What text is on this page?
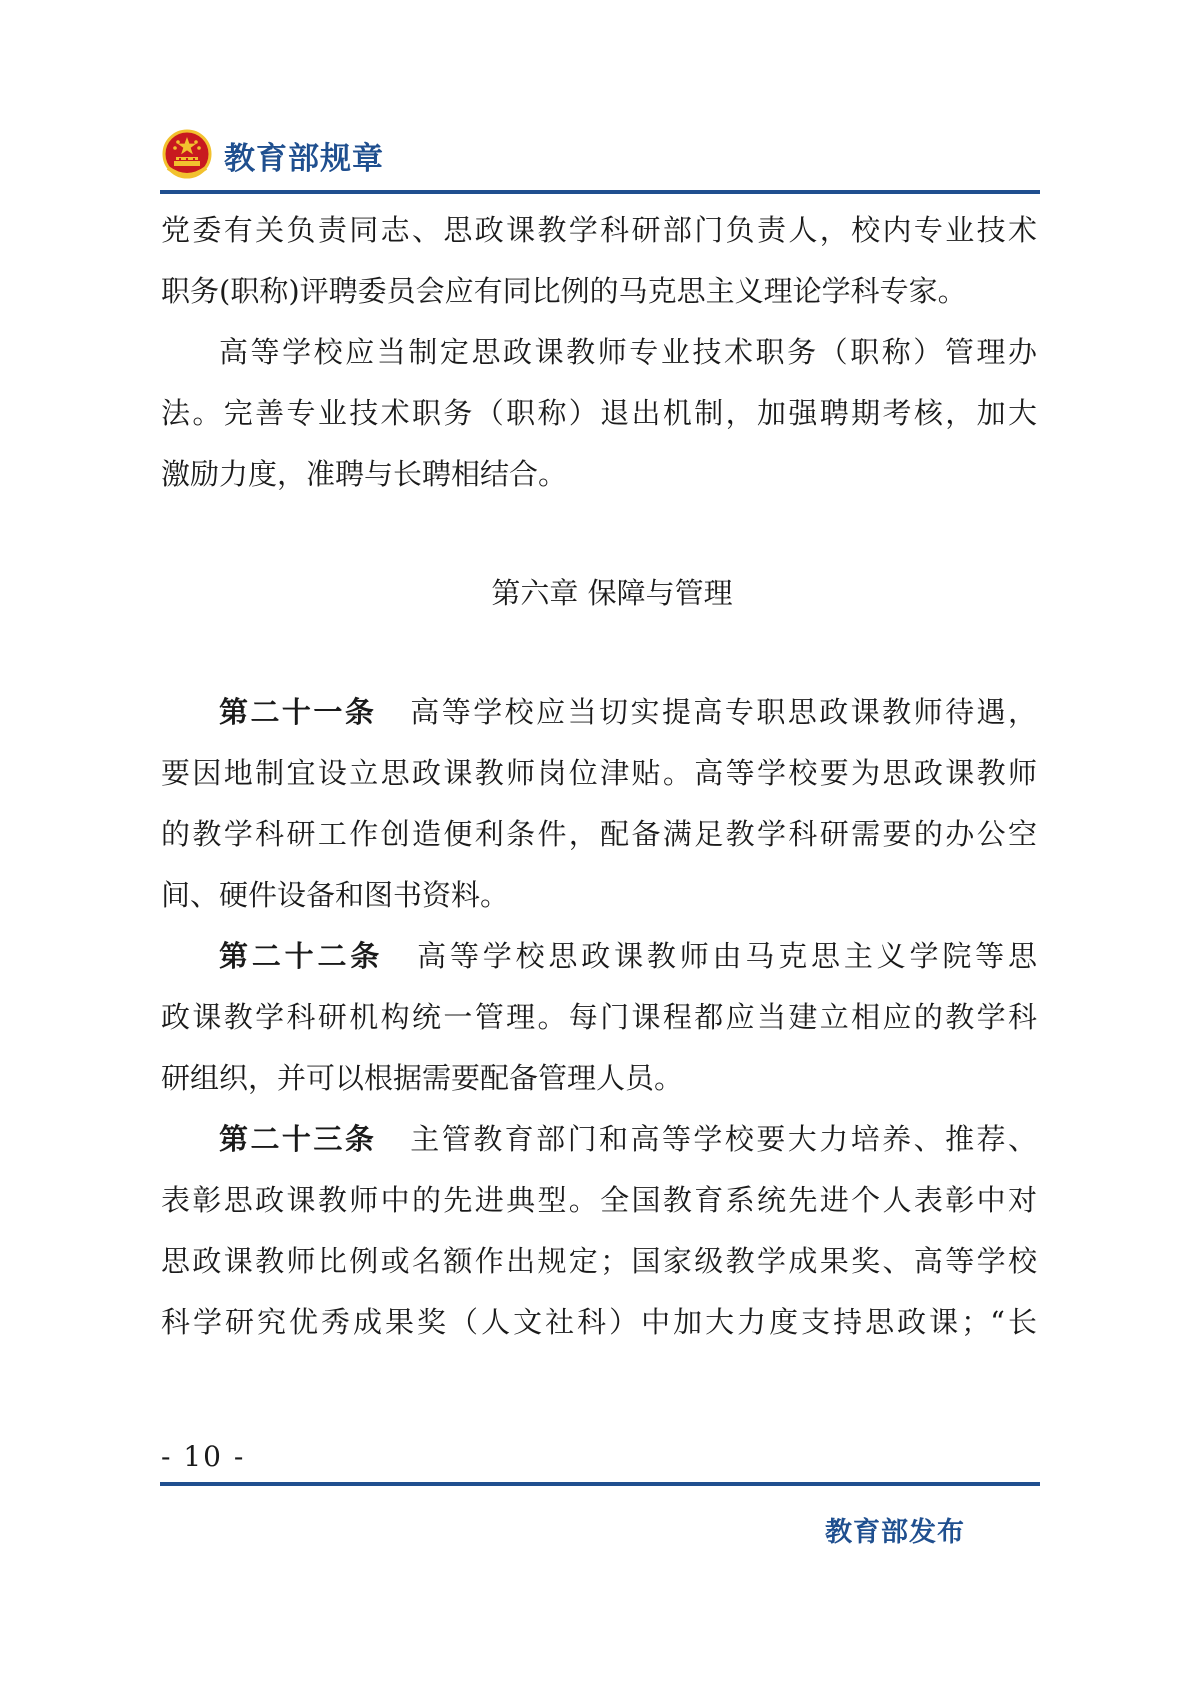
教育部规章
党委有关负责同志、思政课教学科研部门负责人，校内专业技术
职务(职称)评聘委员会应有同比例的马克思主义理论学科专家。
高等学校应当制定思政课教师专业技术职务（职称）管理办
法。完善专业技术职务（职称）退出机制，加强聘期考核，加大
激励力度，准聘与长聘相结合。
第六章 保障与管理
第二十一条 高等学校应当切实提高专职思政课教师待遇，
要因地制宜设立思政课教师岗位津贴。高等学校要为思政课教师
的教学科研工作创造便利条件，配备满足教学科研需要的办公空
间、硬件设备和图书资料。
第二十二条 高等学校思政课教师由马克思主义学院等思
政课教学科研机构统一管理。每门课程都应当建立相应的教学科
研组织，并可以根据需要配备管理人员。
第二十三条 主管教育部门和高等学校要大力培养、推荐、
表彰思政课教师中的先进典型。全国教育系统先进个人表彰中对
思政课教师比例或名额作出规定；国家级教学成果奖、高等学校
科学研究优秀成果奖（人文社科）中加大力度支持思政课；“长
- 10 -
教育部发布
